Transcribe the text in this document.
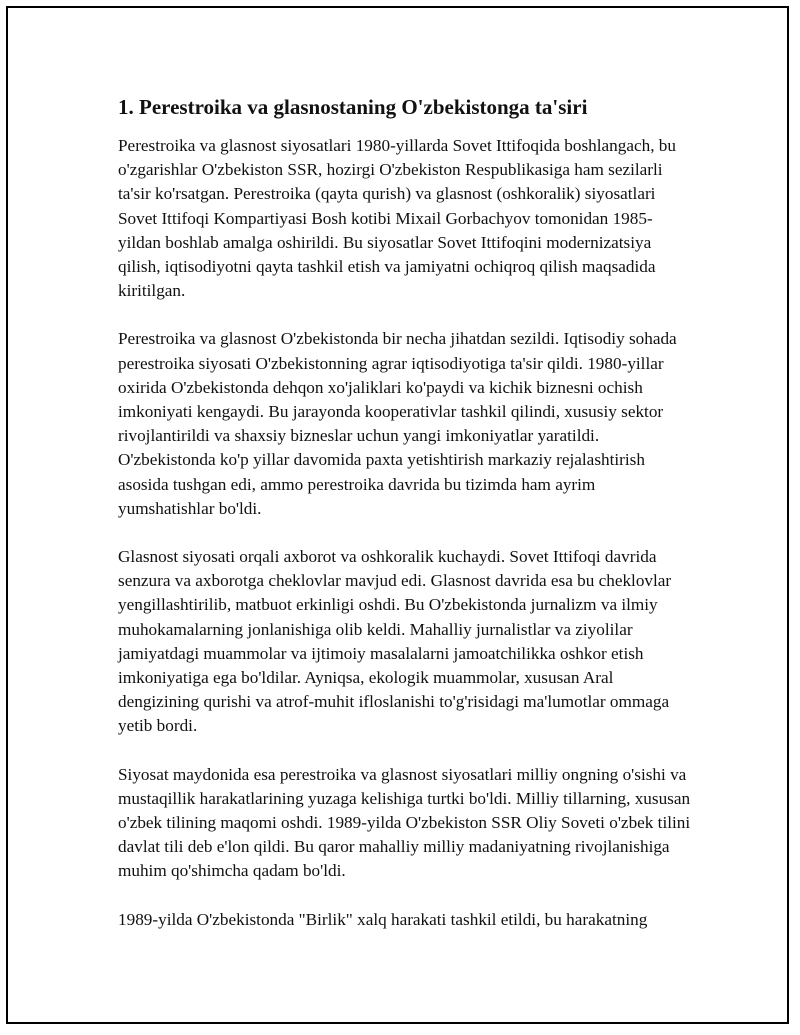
1. Perestroika va glasnostaning O'zbekistonga ta'siri

Perestroika va glasnost siyosatlari 1980-yillarda Sovet Ittifoqida boshlangach, bu o'zgarishlar O'zbekiston SSR, hozirgi O'zbekiston Respublikasiga ham sezilarli ta'sir ko'rsatgan. Perestroika (qayta qurish) va glasnost (oshkoralik) siyosatlari Sovet Ittifoqi Kompartiyasi Bosh kotibi Mixail Gorbachyov tomonidan 1985-yildan boshlab amalga oshirildi. Bu siyosatlar Sovet Ittifoqini modernizatsiya qilish, iqtisodiyotni qayta tashkil etish va jamiyatni ochiqroq qilish maqsadida kiritilgan.

Perestroika va glasnost O'zbekistonda bir necha jihatdan sezildi. Iqtisodiy sohada perestroika siyosati O'zbekistonning agrar iqtisodiyotiga ta'sir qildi. 1980-yillar oxirida O'zbekistonda dehqon xo'jaliklari ko'paydi va kichik biznesni ochish imkoniyati kengaydi. Bu jarayonda kooperativlar tashkil qilindi, xususiy sektor rivojlantirildi va shaxsiy bizneslar uchun yangi imkoniyatlar yaratildi. O'zbekistonda ko'p yillar davomida paxta yetishtirish markaziy rejalashtirish asosida tushgan edi, ammo perestroika davrida bu tizimda ham ayrim yumshatishlar bo'ldi.

Glasnost siyosati orqali axborot va oshkoralik kuchaydi. Sovet Ittifoqi davrida senzura va axborotga cheklovlar mavjud edi. Glasnost davrida esa bu cheklovlar yengillashtirilib, matbuot erkinligi oshdi. Bu O'zbekistonda jurnalizm va ilmiy muhokamalarning jonlanishiga olib keldi. Mahalliy jurnalistlar va ziyolilar jamiyatdagi muammolar va ijtimoiy masalalarni jamoatchilikka oshkor etish imkoniyatiga ega bo'ldilar. Ayniqsa, ekologik muammolar, xususan Aral dengizining qurishi va atrof-muhit ifloslanishi to'g'risidagi ma'lumotlar ommaga yetib bordi.

Siyosat maydonida esa perestroika va glasnost siyosatlari milliy ongning o'sishi va mustaqillik harakatlarining yuzaga kelishiga turtki bo'ldi. Milliy tillarning, xususan o'zbek tilining maqomi oshdi. 1989-yilda O'zbekiston SSR Oliy Soveti o'zbek tilini davlat tili deb e'lon qildi. Bu qaror mahalliy milliy madaniyatning rivojlanishiga muhim qo'shimcha qadam bo'ldi.

1989-yilda O'zbekistonda "Birlik" xalq harakati tashkil etildi, bu harakatning
